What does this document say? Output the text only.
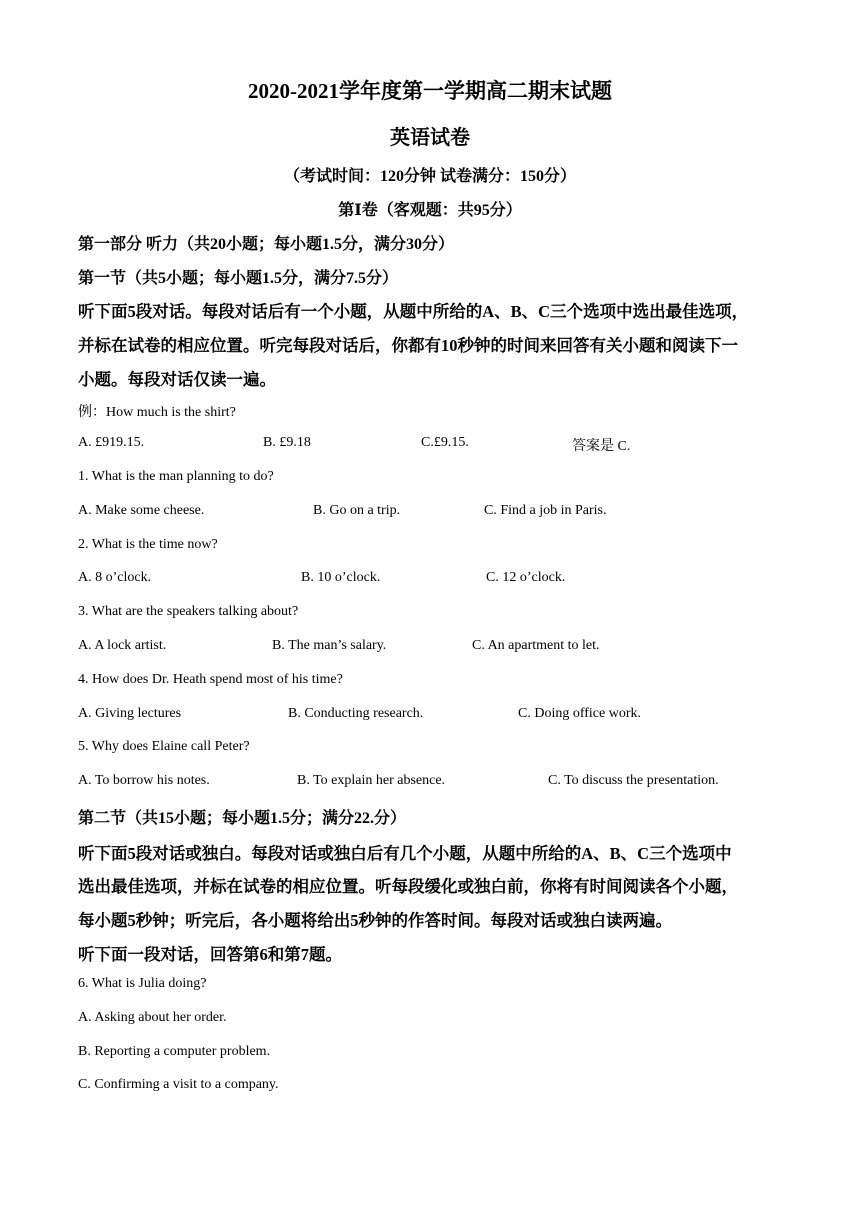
2020-2021学年度第一学期高二期末试题
英语试卷
（考试时间：120分钟 试卷满分：150分）
第Ⅰ卷（客观题：共95分）
第一部分 听力（共20小题；每小题1.5分，满分30分）
第一节（共5小题；每小题1.5分，满分7.5分）
听下面5段对话。每段对话后有一个小题，从题中所给的A、B、C三个选项中选出最佳选项，
并标在试卷的相应位置。听完每段对话后，你都有10秒钟的时间来回答有关小题和阅读下一
小题。每段对话仅读一遍。
例：How much is the shirt?
A. £919.15.	B. £9.18	C.£9.15.	答案是 C.
1. What is the man planning to do?
A. Make some cheese.	B. Go on a trip.	C. Find a job in Paris.
2. What is the time now?
A. 8 o’clock.	B. 10 o’clock.	C. 12 o’clock.
3. What are the speakers talking about?
A. A lock artist.	B. The man’s salary.	C. An apartment to let.
4. How does Dr. Heath spend most of his time?
A. Giving lectures	B. Conducting research.	C. Doing office work.
5. Why does Elaine call Peter?
A. To borrow his notes.	B. To explain her absence.	C. To discuss the presentation.
第二节（共15小题；每小题1.5分；满分22.分）
听下面5段对话或独白。每段对话或独白后有几个小题，从题中所给的A、B、C三个选项中
选出最佳选项，并标在试卷的相应位置。听每段缓化或独白前，你将有时间阅读各个小题，
每小题5秒钟；听完后，各小题将给出5秒钟的作答时间。每段对话或独白读两遍。
听下面一段对话，回答第6和第7题。
6. What is Julia doing?
A. Asking about her order.
B. Reporting a computer problem.
C. Confirming a visit to a company.
